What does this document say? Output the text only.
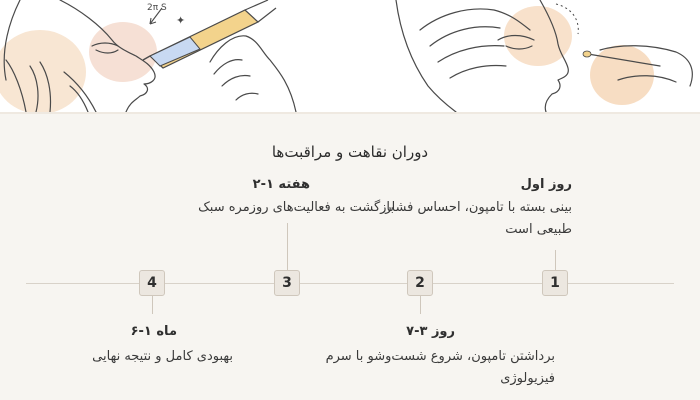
2π S
✦
دوران نقاهت و مراقبت‌ها
1
2
3
4
روز اول
بینی بسته با تامپون، احساس فشار طبیعی است
هفته ۱-۲
بازگشت به فعالیت‌های روزمره سبک
روز ۳-۷
برداشتن تامپون، شروع شست‌وشو با سرم فیزیولوژی
ماه ۱-۶
بهبودی کامل و نتیجه نهایی
